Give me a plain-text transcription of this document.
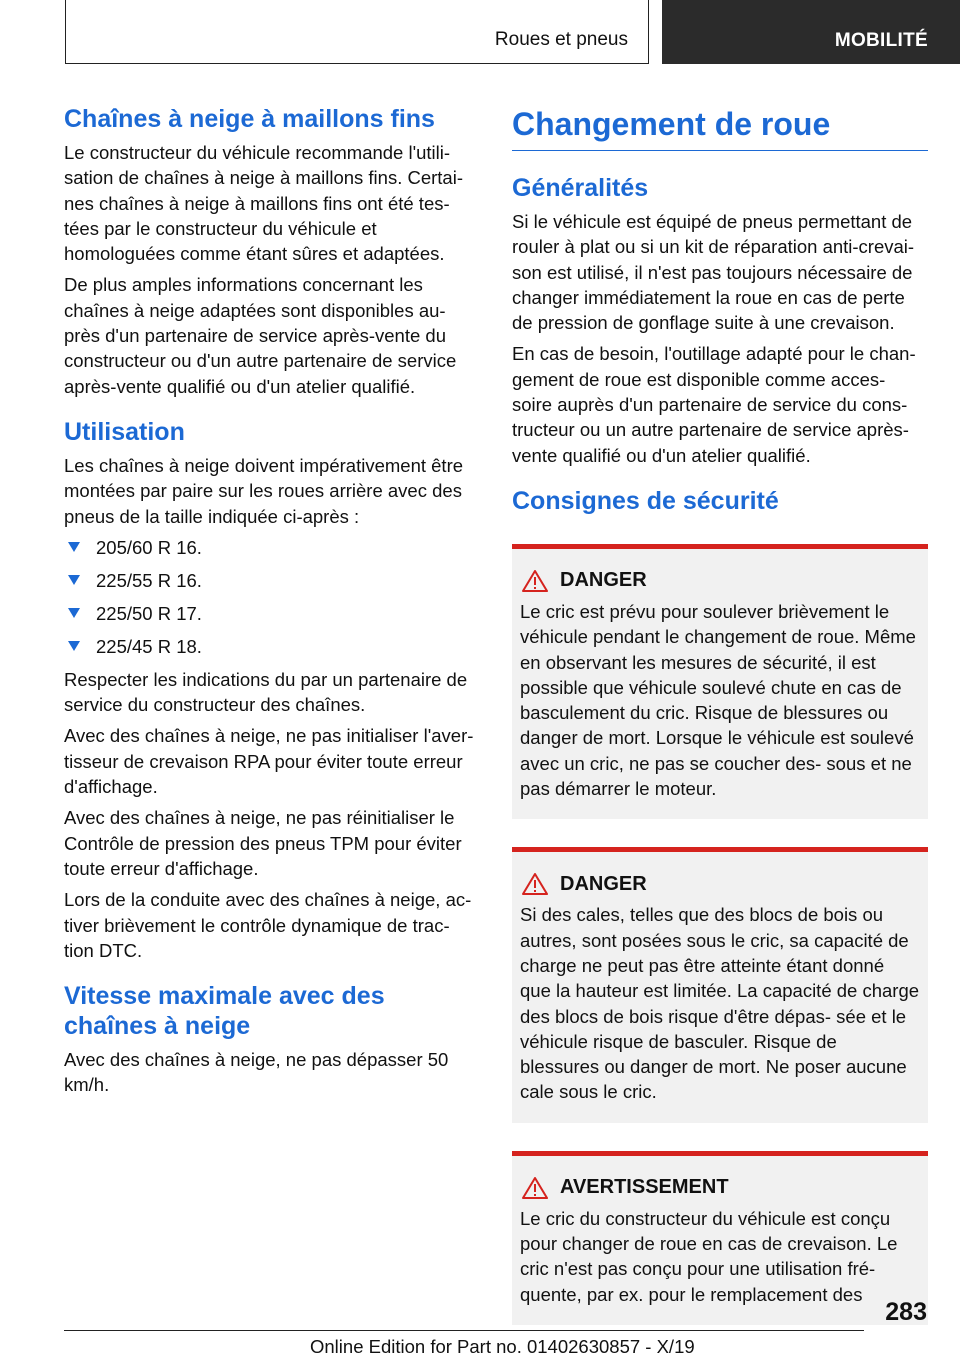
Roues et pneus	MOBILITÉ
Chaînes à neige à maillons fins

Le constructeur du véhicule recommande l'utili- sation de chaînes à neige à maillons fins. Certai- nes chaînes à neige à maillons fins ont été tes- tées par le constructeur du véhicule et homologuées comme étant sûres et adaptées.

De plus amples informations concernant les chaînes à neige adaptées sont disponibles au- près d'un partenaire de service après-vente du constructeur ou d'un autre partenaire de service après-vente qualifié ou d'un atelier qualifié.

Utilisation

Les chaînes à neige doivent impérativement être montées par paire sur les roues arrière avec des pneus de la taille indiquée ci-après :

205/60 R 16.
225/55 R 16.
225/50 R 17.
225/45 R 18.

Respecter les indications du par un partenaire de service du constructeur des chaînes.

Avec des chaînes à neige, ne pas initialiser l'aver- tisseur de crevaison RPA pour éviter toute erreur d'affichage.

Avec des chaînes à neige, ne pas réinitialiser le Contrôle de pression des pneus TPM pour éviter toute erreur d'affichage.

Lors de la conduite avec des chaînes à neige, ac- tiver brièvement le contrôle dynamique de trac- tion DTC.

Vitesse maximale avec des chaînes à neige

Avec des chaînes à neige, ne pas dépasser 50 km/h.

Changement de roue
Généralités

Si le véhicule est équipé de pneus permettant de rouler à plat ou si un kit de réparation anti-crevai- son est utilisé, il n'est pas toujours nécessaire de changer immédiatement la roue en cas de perte de pression de gonflage suite à une crevaison.

En cas de besoin, l'outillage adapté pour le chan- gement de roue est disponible comme acces- soire auprès d'un partenaire de service du cons- tructeur ou un autre partenaire de service après- vente qualifié ou d'un atelier qualifié.

Consignes de sécurité
DANGER

Le cric est prévu pour soulever brièvement le véhicule pendant le changement de roue. Même en observant les mesures de sécurité, il est possible que véhicule soulevé chute en cas de basculement du cric. Risque de blessures ou danger de mort. Lorsque le véhicule est soulevé avec un cric, ne pas se coucher des- sous et ne pas démarrer le moteur.

DANGER

Si des cales, telles que des blocs de bois ou autres, sont posées sous le cric, sa capacité de charge ne peut pas être atteinte étant donné que la hauteur est limitée. La capacité de charge des blocs de bois risque d'être dépas- sée et le véhicule risque de basculer. Risque de blessures ou danger de mort. Ne poser aucune cale sous le cric.

AVERTISSEMENT

Le cric du constructeur du véhicule est conçu pour changer de roue en cas de crevaison. Le cric n'est pas conçu pour une utilisation fré- quente, par ex. pour le remplacement des

283
Online Edition for Part no. 01402630857 - X/19
